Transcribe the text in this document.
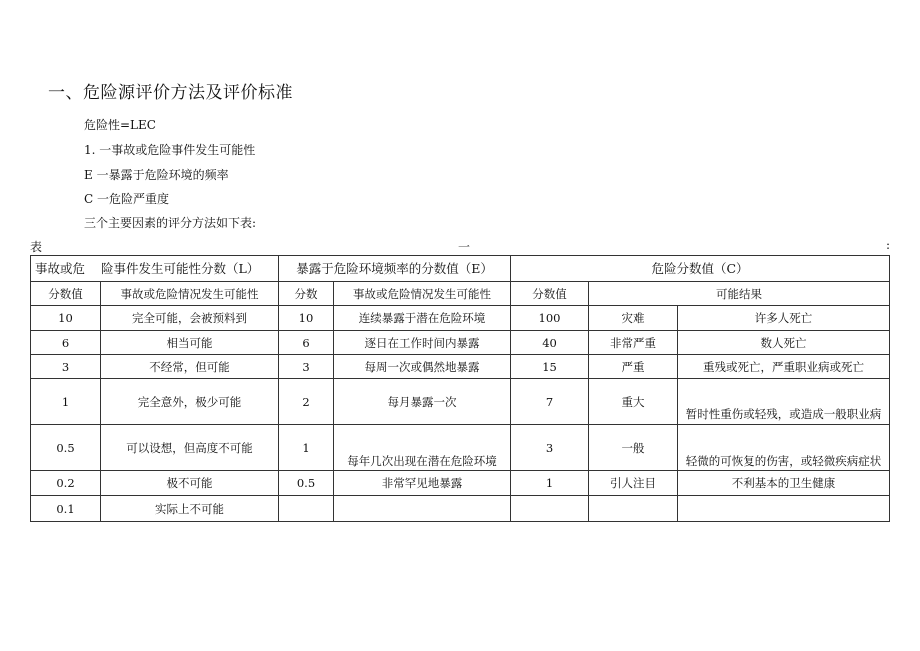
一、危险源评价方法及评价标准
危险性=LEC
1. 一事故或危险事件发生可能性
E 一暴露于危险环境的频率
C 一危险严重度
三个主要因素的评分方法如下表:
表	一	:
事故或危 险事件发生可能性分数（L）		暴露于危险环境频率的分数值（E）		危险分数值（C）		
分数值	事故或危险情况发生可能性	分数	事故或危险情况发生可能性	分数值	可能结果	
10	完全可能，会被预料到	10	连续暴露于潜在危险环境	100	灾难	许多人死亡
6	相当可能	6	逐日在工作时间内暴露	40	非常严重	数人死亡
3	不经常，但可能	3	每周一次或偶然地暴露	15	严重	重残或死亡，严重职业病或死亡
1	完全意外，极少可能	2	每月暴露一次	7	重大	暂时性重伤或轻残，或造成一般职业病
0.5	可以设想，但高度不可能	1	每年几次出现在潜在危险环境	3	一般	轻微的可恢复的伤害，或轻微疾病症状
0.2	极不可能	0.5	非常罕见地暴露	1	引人注目	不利基本的卫生健康
0.1	实际上不可能					
